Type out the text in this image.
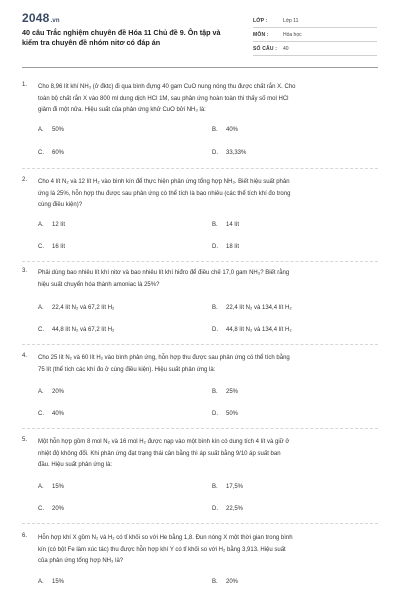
2048.vn
40 câu Trắc nghiệm chuyên đề Hóa 11 Chủ đề 9. Ôn tập và kiểm tra chuyên đề nhóm nitơ có đáp án
LỚP :	Lớp 11
MÔN :	Hóa học
SỐ CÂU : 40
1. Cho 8,96 lít khí NH₃ (ở đktc) đi qua bình đựng 40 gam CuO nung nóng thu được chất rắn X. Cho
toàn bộ chất rắn X vào 800 ml dung dịch HCl 1M, sau phản ứng hoàn toàn thì thấy số mol HCl
giảm đi một nửa. Hiệu suất của phản ứng khử CuO bởi NH₃ là:
A. 50%	B. 40%
C. 60%	D. 33,33%
2. Cho 4 lít N₂ và 12 lít H₂ vào bình kín để thực hiện phản ứng tổng hợp NH₃. Biết hiệu suất phản
ứng là 25%, hỗn hợp thu được sau phản ứng có thể tích là bao nhiêu (các thể tích khí đo trong
cùng điều kiện)?
A. 12 lít	B. 14 lít
C. 16 lít	D. 18 lít
3. Phải dùng bao nhiêu lít khí nitơ và bao nhiêu lít khí hiđro để điều chế 17,0 gam NH₃? Biết rằng
hiệu suất chuyển hóa thành amoniac là 25%?
A. 22,4 lít N₂ và 67,2 lít H₂	B. 22,4 lít N₂ và 134,4 lít H₂
C. 44,8 lít N₂ và 67,2 lít H₂	D. 44,8 lít N₂ và 134,4 lít H₂
4. Cho 25 lít N₂ và 60 lít H₂ vào bình phản ứng, hỗn hợp thu được sau phản ứng có thể tích bằng
75 lít (thể tích các khí đo ở cùng điều kiện). Hiệu suất phản ứng là:
A. 20%	B. 25%
C. 40%	D. 50%
5. Một hỗn hợp gồm 8 mol N₂ và 16 mol H₂ được nạp vào một bình kín có dung tích 4 lít và giữ ở
nhiệt độ không đổi. Khi phản ứng đạt trạng thái cân bằng thì áp suất bằng 9/10 áp suất ban
đầu. Hiệu suất phản ứng là:
A. 15%	B. 17,5%
C. 20%	D. 22,5%
6. Hỗn hợp khí X gồm N₂ và H₂ có tỉ khối so với He bằng 1,8. Đun nóng X một thời gian trong bình
kín (có bột Fe làm xúc tác) thu được hỗn hợp khí Y có tỉ khối so với H₂ bằng 3,913. Hiệu suất
của phản ứng tổng hợp NH₃ là?
A. 15%	B. 20%
